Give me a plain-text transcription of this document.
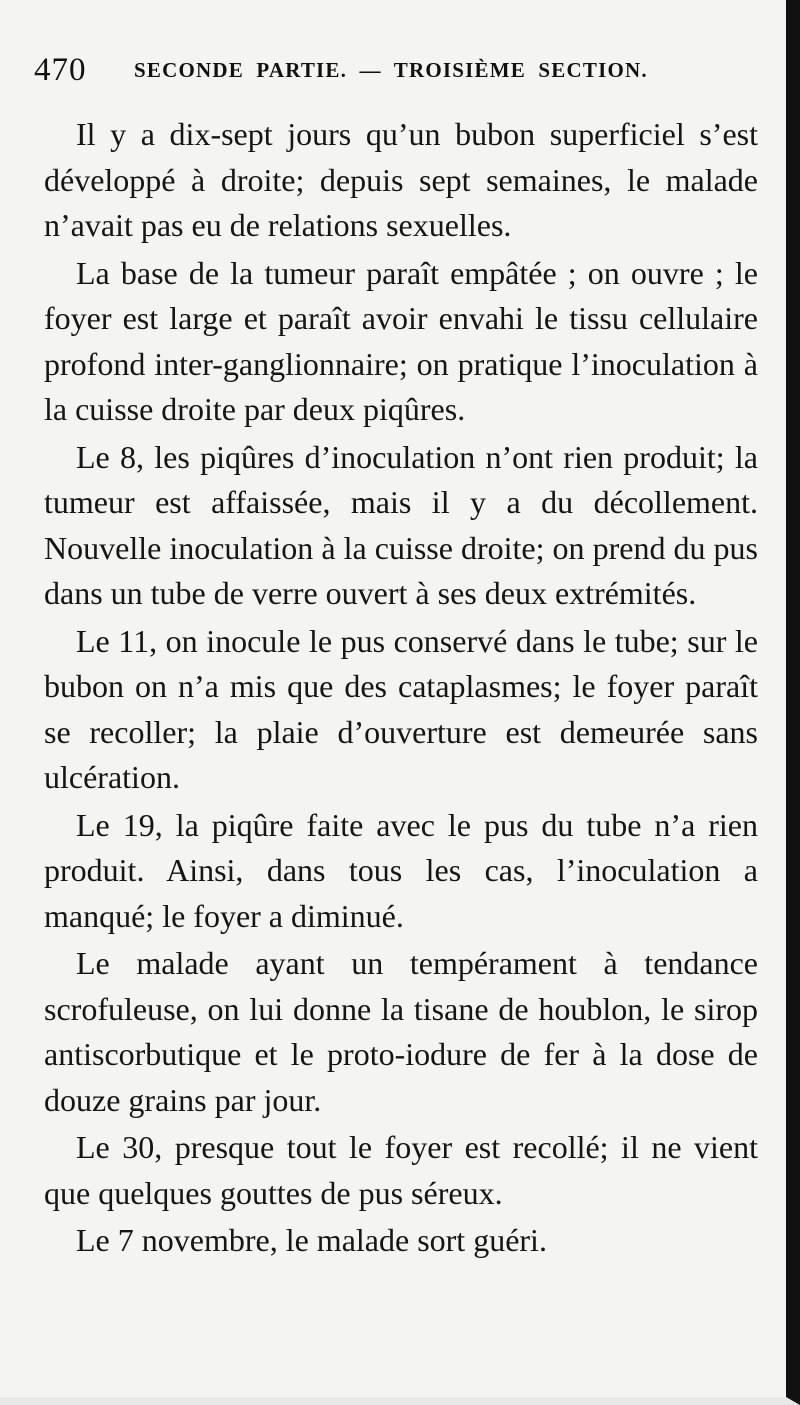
470 SECONDE PARTIE. — TROISIÈME SECTION.

Il y a dix-sept jours qu’un bubon superficiel s’est développé à droite; depuis sept semaines, le malade n’avait pas eu de relations sexuelles.

La base de la tumeur paraît empâtée ; on ouvre ; le foyer est large et paraît avoir envahi le tissu cellulaire profond inter-ganglionnaire; on pratique l’inoculation à la cuisse droite par deux piqûres.

Le 8, les piqûres d’inoculation n’ont rien produit; la tumeur est affaissée, mais il y a du décollement. Nouvelle inoculation à la cuisse droite; on prend du pus dans un tube de verre ouvert à ses deux extrémités.

Le 11, on inocule le pus conservé dans le tube; sur le bubon on n’a mis que des cataplasmes; le foyer paraît se recoller; la plaie d’ouverture est demeurée sans ulcération.

Le 19, la piqûre faite avec le pus du tube n’a rien produit. Ainsi, dans tous les cas, l’inoculation a manqué; le foyer a diminué.

Le malade ayant un tempérament à tendance scrofuleuse, on lui donne la tisane de houblon, le sirop antiscorbutique et le proto-iodure de fer à la dose de douze grains par jour.

Le 30, presque tout le foyer est recollé; il ne vient que quelques gouttes de pus séreux.

Le 7 novembre, le malade sort guéri.
